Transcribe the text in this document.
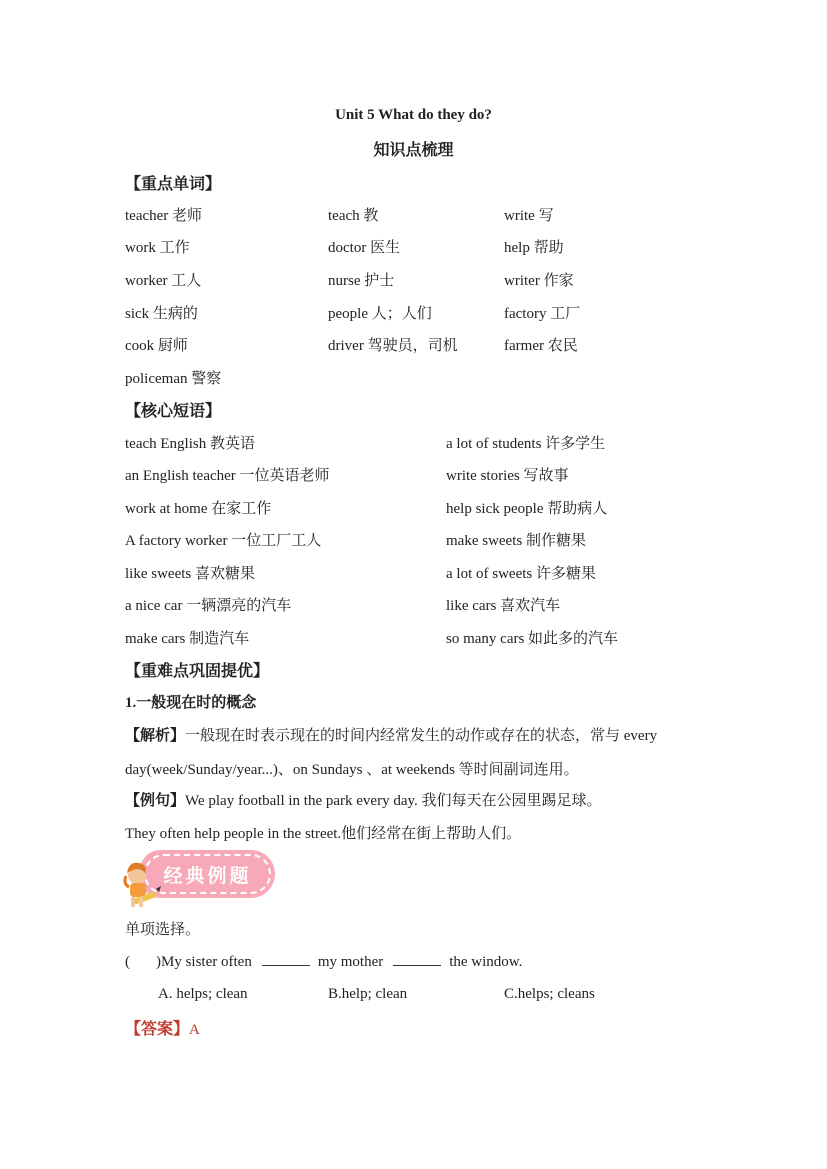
Unit 5 What do they do?
知识点梳理
【重点单词】
teacher 老师	teach 教	write 写
work 工作	doctor 医生	help 帮助
worker 工人	nurse 护士	writer 作家
sick 生病的	people 人；人们	factory 工厂
cook 厨师	driver 驾驶员，司机	farmer 农民
policeman 警察
【核心短语】
teach English 教英语	a lot of students 许多学生
an English teacher 一位英语老师	write stories 写故事
work at home 在家工作	help sick people 帮助病人
A factory worker 一位工厂工人	make sweets 制作糖果
like sweets 喜欢糖果	a lot of sweets 许多糖果
a nice car 一辆漂亮的汽车	like cars 喜欢汽车
make cars 制造汽车	so many cars 如此多的汽车
【重难点巩固提优】
1.一般现在时的概念
【解析】一般现在时表示现在的时间内经常发生的动作或存在的状态，常与 every
day(week/Sunday/year...)、on Sundays 、at weekends 等时间副词连用。
【例句】We play football in the park every day. 我们每天在公园里踢足球。
They often help people in the street.他们经常在街上帮助人们。
经典例题
单项选择。
( )My sister often	my mother	the window.
A. helps; clean	B.help; clean	C.helps; cleans
【答案】A
